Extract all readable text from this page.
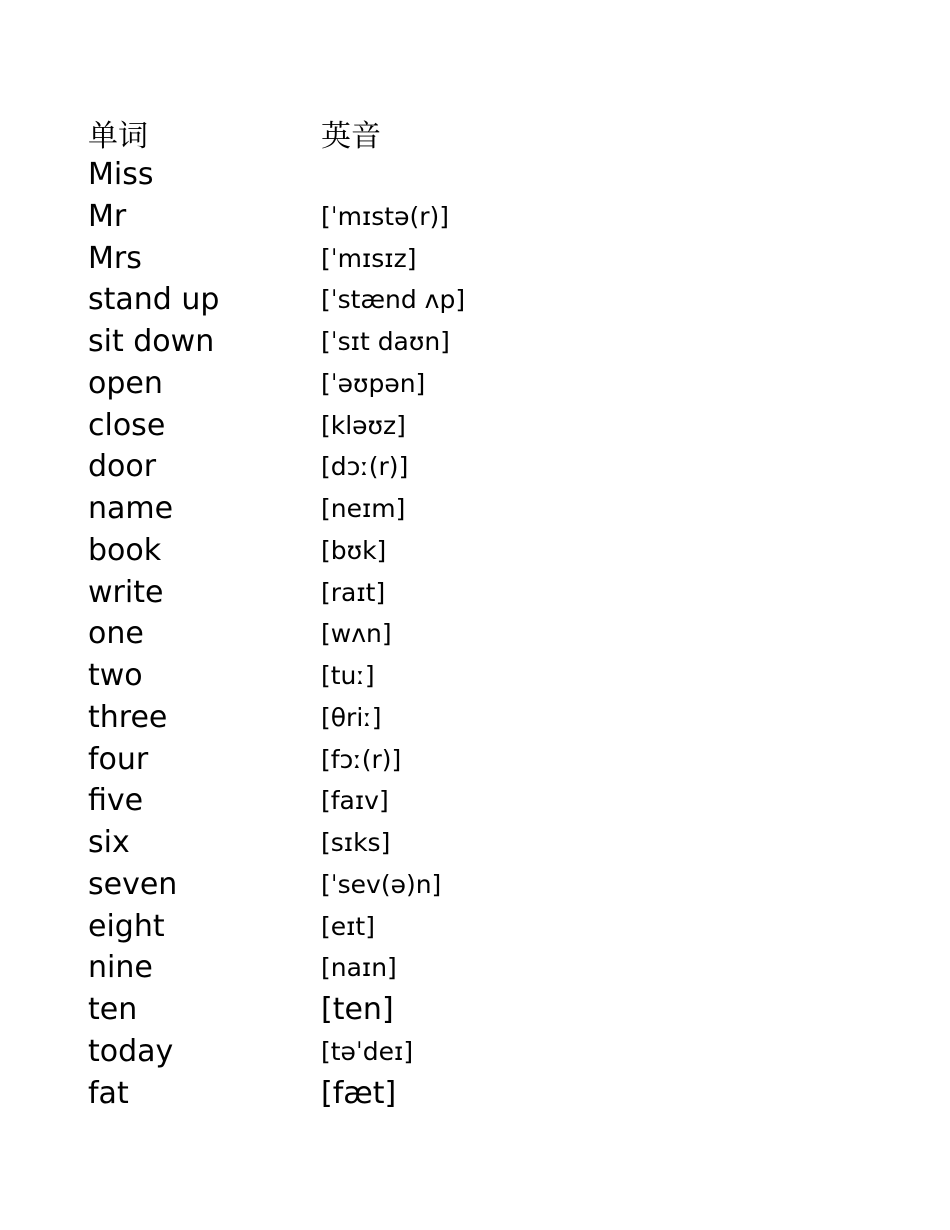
单词	英音
Miss
Mr	[ˈmɪstə(r)]
Mrs	[ˈmɪsɪz]
stand up	[ˈstænd ʌp]
sit down	[ˈsɪt daʊn]
open	[ˈəʊpən]
close	[kləʊz]
door	[dɔː(r)]
name	[neɪm]
book	[bʊk]
write	[raɪt]
one	[wʌn]
two	[tuː]
three	[θriː]
four	[fɔː(r)]
five	[faɪv]
six	[sɪks]
seven	[ˈsev(ə)n]
eight	[eɪt]
nine	[naɪn]
ten	[ten]
today	[təˈdeɪ]
fat	[fæt]
